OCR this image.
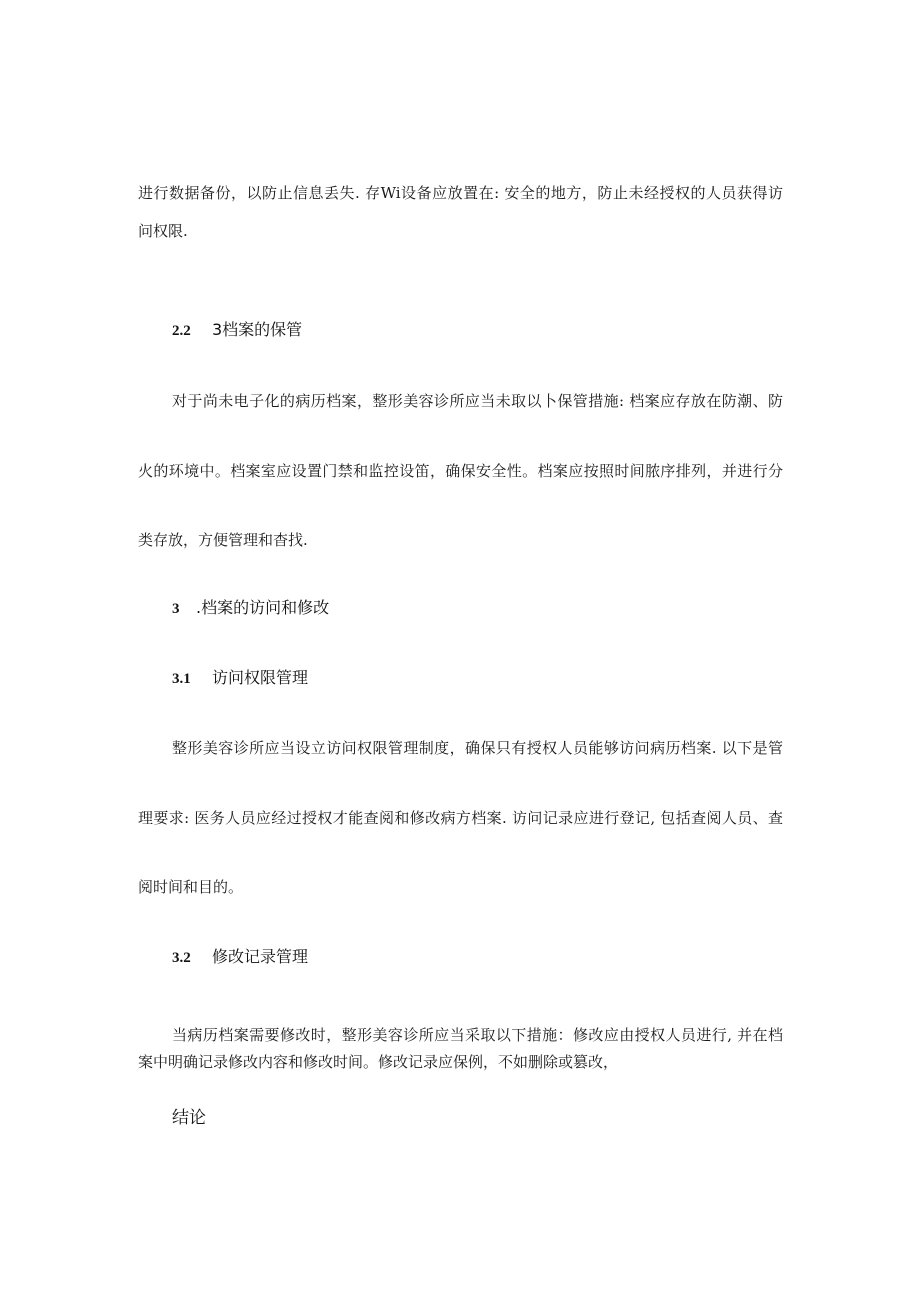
进行数据备份，以防止信息丢失. 存Wi设备应放置在: 安全的地方，防止未经授权的人员获得访
问权限.
2.2 3档案的保管
对于尚未电子化的病历档案，整形美容诊所应当未取以卜保管措施: 档案应存放在防潮、防
火的环境中。档案室应设置门禁和监控设笛，确保安全性。档案应按照时间脓序排列，并进行分
类存放，方便管理和杳找.
3 .档案的访问和修改
3.1 访问权限管理
整形美容诊所应当设立访问权限管理制度，确保只有授权人员能够访问病历档案. 以下是管
理要求: 医务人员应经过授权才能查阅和修改病方档案. 访问记录应进行登记, 包括查阅人员、查
阅时间和目的。
3.2 修改记录管理
当病历档案需要修改时，整形美容诊所应当采取以下措施：修改应由授权人员进行, 并在档
案中明确记录修改内容和修改时间。修改记录应保例，不如删除或篡改，
结论
